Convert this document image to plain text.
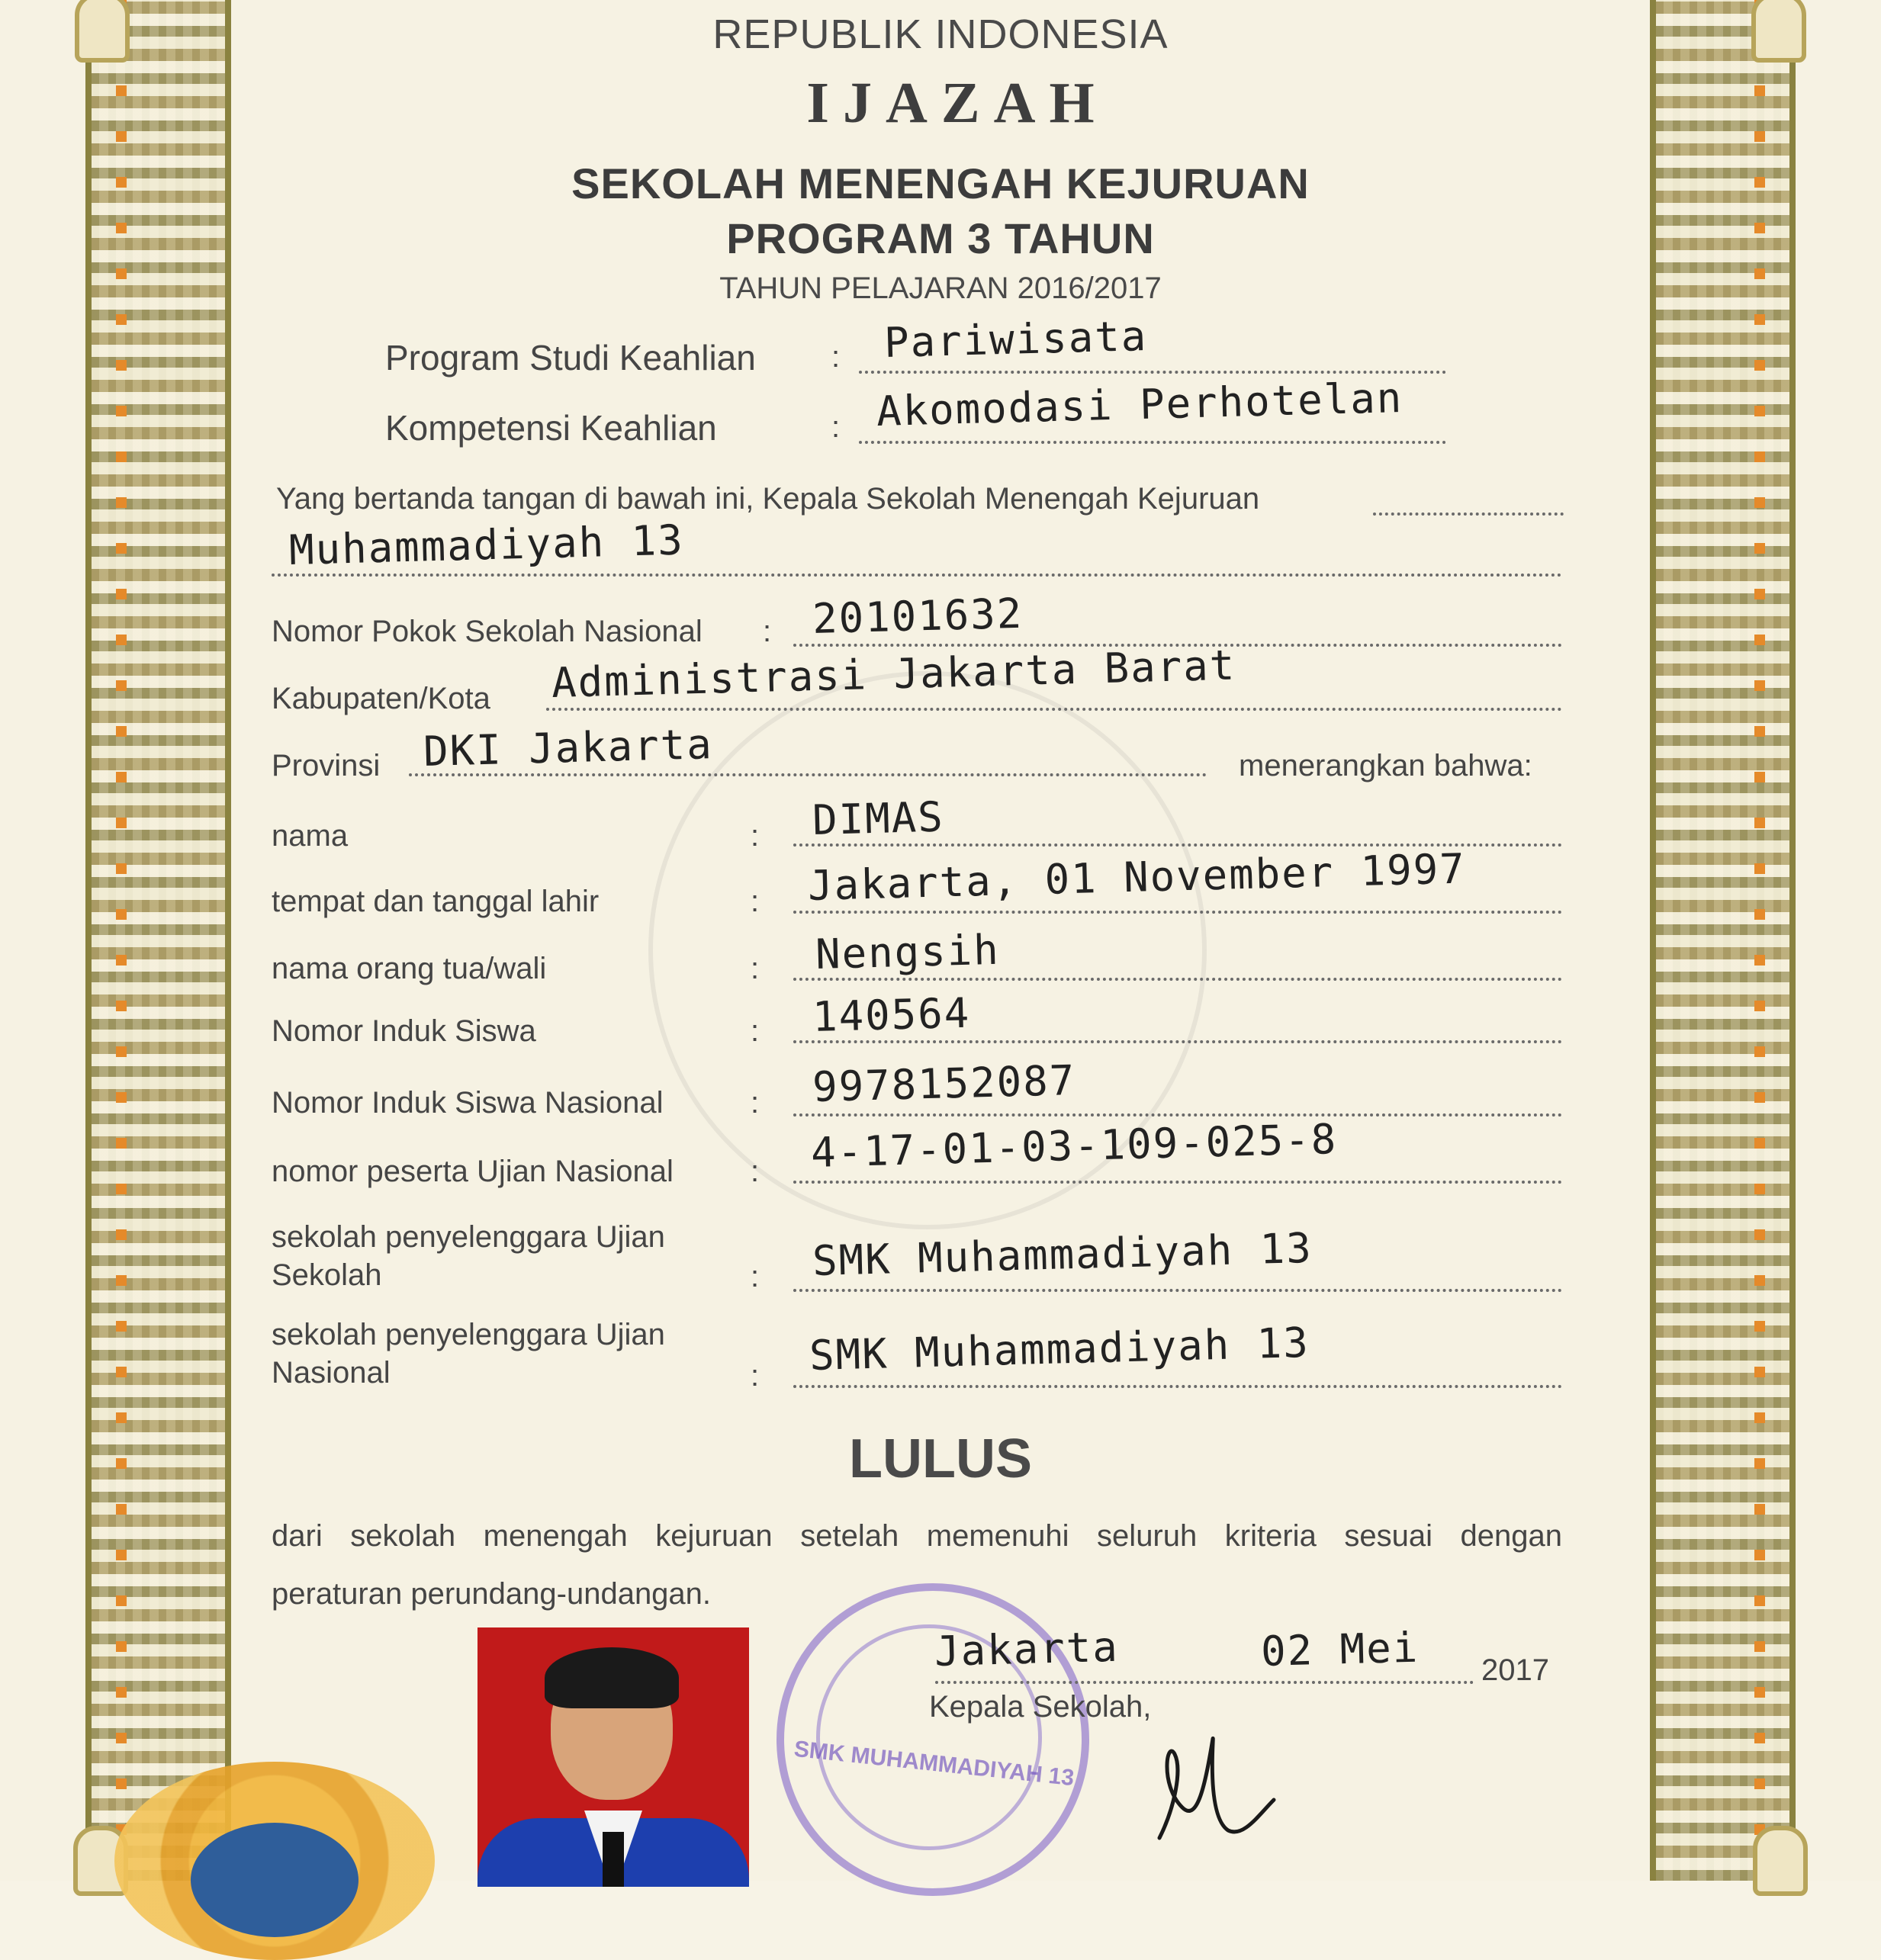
REPUBLIK INDONESIA
IJAZAH
SEKOLAH MENENGAH KEJURUAN
PROGRAM 3 TAHUN
TAHUN PELAJARAN 2016/2017
Program Studi Keahlian : Pariwisata
Kompetensi Keahlian	: Akomodasi Perhotelan
Yang bertanda tangan di bawah ini, Kepala Sekolah Menengah Kejuruan
Muhammadiyah 13
Nomor Pokok Sekolah Nasional : 20101632
Kabupaten/Kota Administrasi Jakarta Barat
Provinsi DKI Jakarta	menerangkan bahwa:
nama	: DIMAS
tempat dan tanggal lahir	: Jakarta, 01 November 1997
nama orang tua/wali	: Nengsih
Nomor Induk Siswa	: 140564
Nomor Induk Siswa Nasional	: 9978152087
nomor peserta Ujian Nasional	: 4-17-01-03-109-025-8
sekolah penyelenggara Ujian
Sekolah	: SMK Muhammadiyah 13
sekolah penyelenggara Ujian
Nasional	: SMK Muhammadiyah 13
LULUS
dari sekolah menengah kejuruan setelah memenuhi seluruh kriteria sesuai dengan
peraturan perundang-undangan.
SMK MUHAMMADIYAH 13
Jakarta	02 Mei 2017
Kepala Sekolah,
